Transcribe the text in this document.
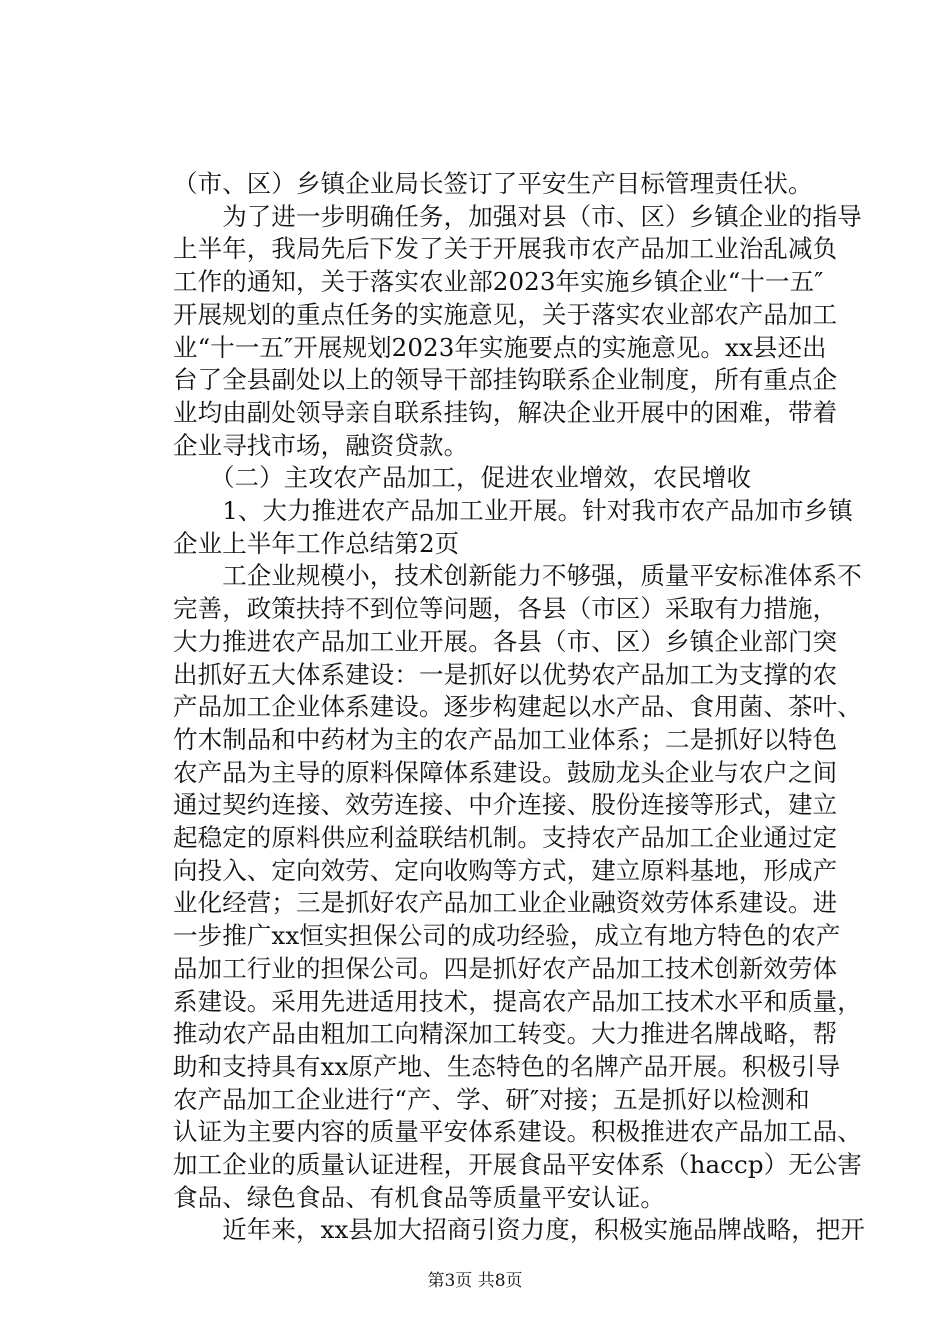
（市、区）乡镇企业局长签订了平安生产目标管理责任状。
　　为了进一步明确任务，加强对县（市、区）乡镇企业的指导
上半年，我局先后下发了关于开展我市农产品加工业治乱减负
工作的通知，关于落实农业部2023年实施乡镇企业“十一五″
开展规划的重点任务的实施意见，关于落实农业部农产品加工
业“十一五″开展规划2023年实施要点的实施意见。xx县还出
台了全县副处以上的领导干部挂钩联系企业制度，所有重点企
业均由副处领导亲自联系挂钩，解决企业开展中的困难，带着
企业寻找市场，融资贷款。
　　（二）主攻农产品加工，促进农业增效，农民增收
　　1、大力推进农产品加工业开展。针对我市农产品加市乡镇
企业上半年工作总结第2页
　　工企业规模小，技术创新能力不够强，质量平安标准体系不
完善，政策扶持不到位等问题，各县（市区）采取有力措施，
大力推进农产品加工业开展。各县（市、区）乡镇企业部门突
出抓好五大体系建设：一是抓好以优势农产品加工为支撑的农
产品加工企业体系建设。逐步构建起以水产品、食用菌、茶叶、
竹木制品和中药材为主的农产品加工业体系；二是抓好以特色
农产品为主导的原料保障体系建设。鼓励龙头企业与农户之间
通过契约连接、效劳连接、中介连接、股份连接等形式，建立
起稳定的原料供应利益联结机制。支持农产品加工企业通过定
向投入、定向效劳、定向收购等方式，建立原料基地，形成产
业化经营；三是抓好农产品加工业企业融资效劳体系建设。进
一步推广xx恒实担保公司的成功经验，成立有地方特色的农产
品加工行业的担保公司。四是抓好农产品加工技术创新效劳体
系建设。采用先进适用技术，提高农产品加工技术水平和质量，
推动农产品由粗加工向精深加工转变。大力推进名牌战略，帮
助和支持具有xx原产地、生态特色的名牌产品开展。积极引导
农产品加工企业进行“产、学、研″对接；五是抓好以检测和
认证为主要内容的质量平安体系建设。积极推进农产品加工品、
加工企业的质量认证进程，开展食品平安体系（haccp）无公害
食品、绿色食品、有机食品等质量平安认证。
　　近年来，xx县加大招商引资力度，积极实施品牌战略，把开
第3页 共8页
